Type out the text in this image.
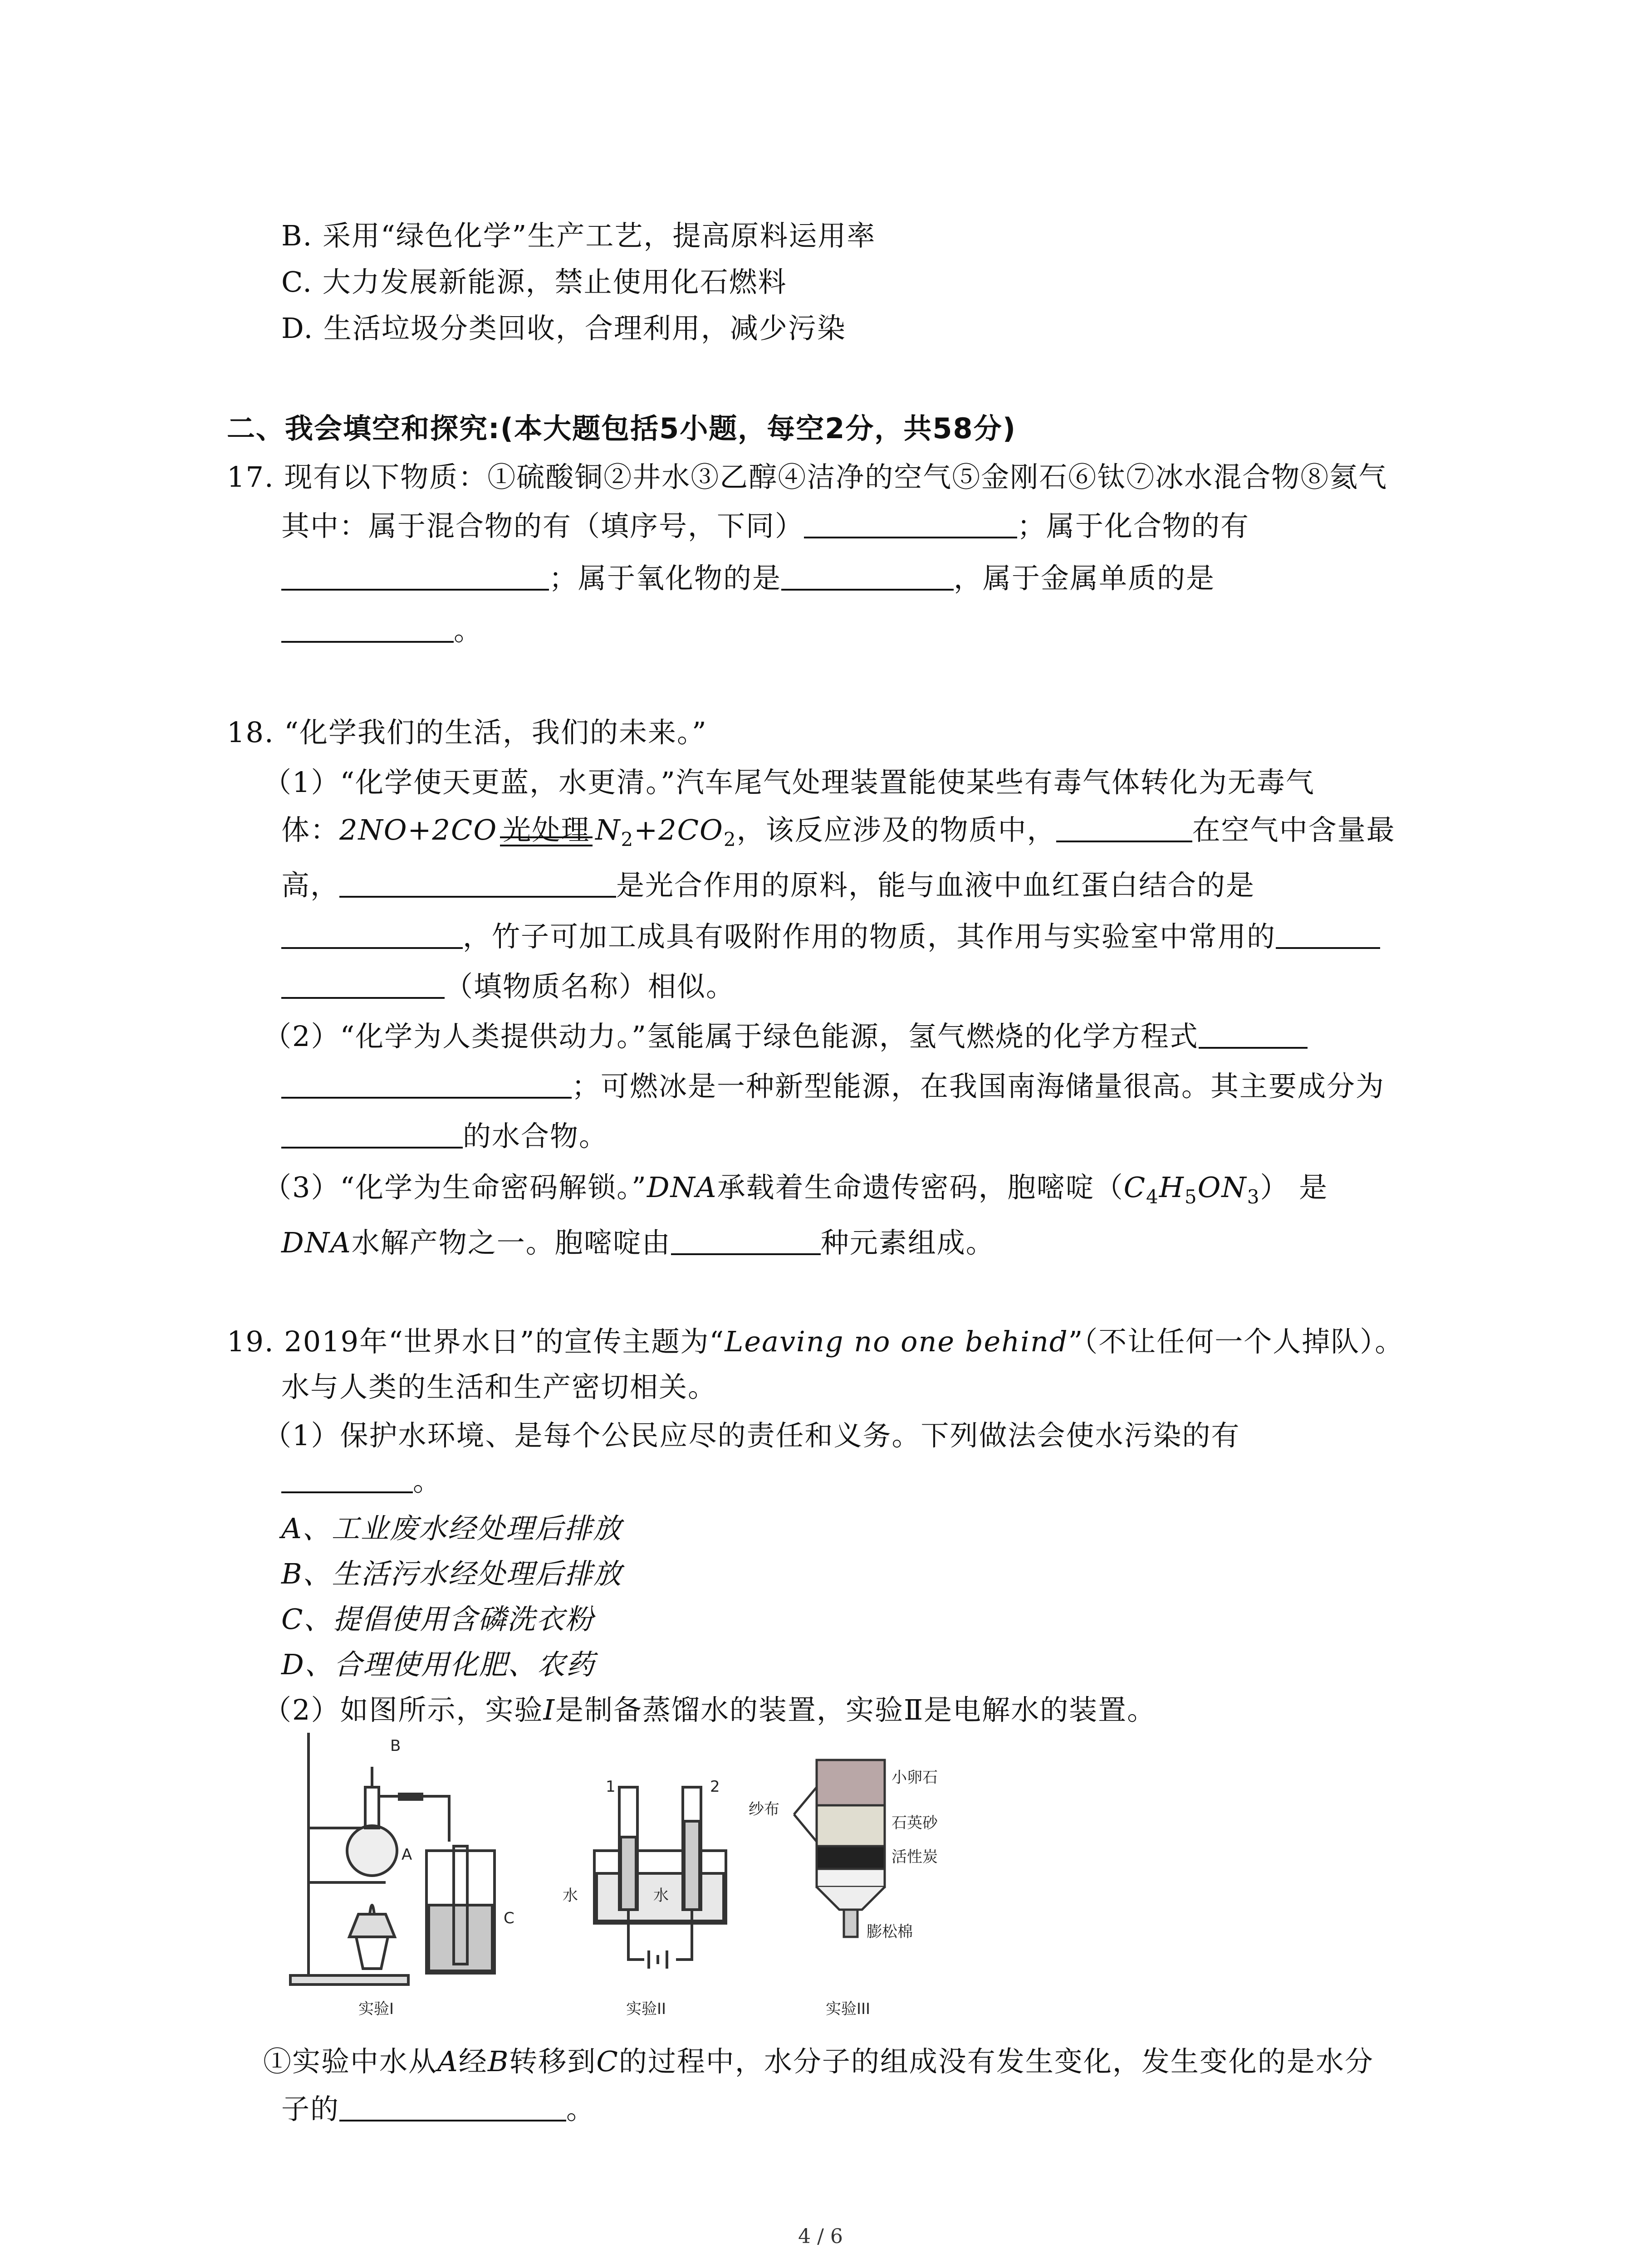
B. 采用“绿色化学”生产工艺，提高原料运用率
C. 大力发展新能源，禁止使用化石燃料
D. 生活垃圾分类回收，合理利用，减少污染
二、我会填空和探究:(本大题包括5小题，每空2分，共58分)
17. 现有以下物质：①硫酸铜②井水③乙醇④洁净的空气⑤金刚石⑥钛⑦冰水混合物⑧氦气
其中：属于混合物的有（填序号，下同）	；属于化合物的有
；属于氧化物的是	，属于金属单质的是
。
18. “化学我们的生活，我们的未来。”
（1）“化学使天更蓝，水更清。”汽车尾气处理装置能使某些有毒气体转化为无毒气
体：2NO+2CO 光处理 $N_2+2CO_2$，该反应涉及的物质中，	在空气中含量最
高，	是光合作用的原料，能与血液中血红蛋白结合的是
，竹子可加工成具有吸附作用的物质，其作用与实验室中常用的
（填物质名称）相似。
（2）“化学为人类提供动力。”氢能属于绿色能源，氢气燃烧的化学方程式
；可燃冰是一种新型能源，在我国南海储量很高。其主要成分为
的水合物。
（3）“化学为生命密码解锁。”DNA承载着生命遗传密码，胞嘧啶$(C_4H_5ON_3)$ 是
DNA水解产物之一。胞嘧啶由	种元素组成。
19. 2019年“世界水日”的宣传主题为“Leaving no one behind”（不让任何一个人掉队）。
水与人类的生活和生产密切相关。
（1）保护水环境、是每个公民应尽的责任和义务。下列做法会使水污染的有
。
A、工业废水经处理后排放
B、生活污水经处理后排放
C、提倡使用含磷洗衣粉
D、合理使用化肥、农药
（2）如图所示，实验I是制备蒸馏水的装置，实验Ⅱ是电解水的装置。
B
A
C
实验I
1	2
水	水
实验II
纱布
小卵石
石英砂
活性炭
膨松棉
实验III
①实验中水从A经B转移到C的过程中，水分子的组成没有发生变化，发生变化的是水分
子的	。
4 / 6
